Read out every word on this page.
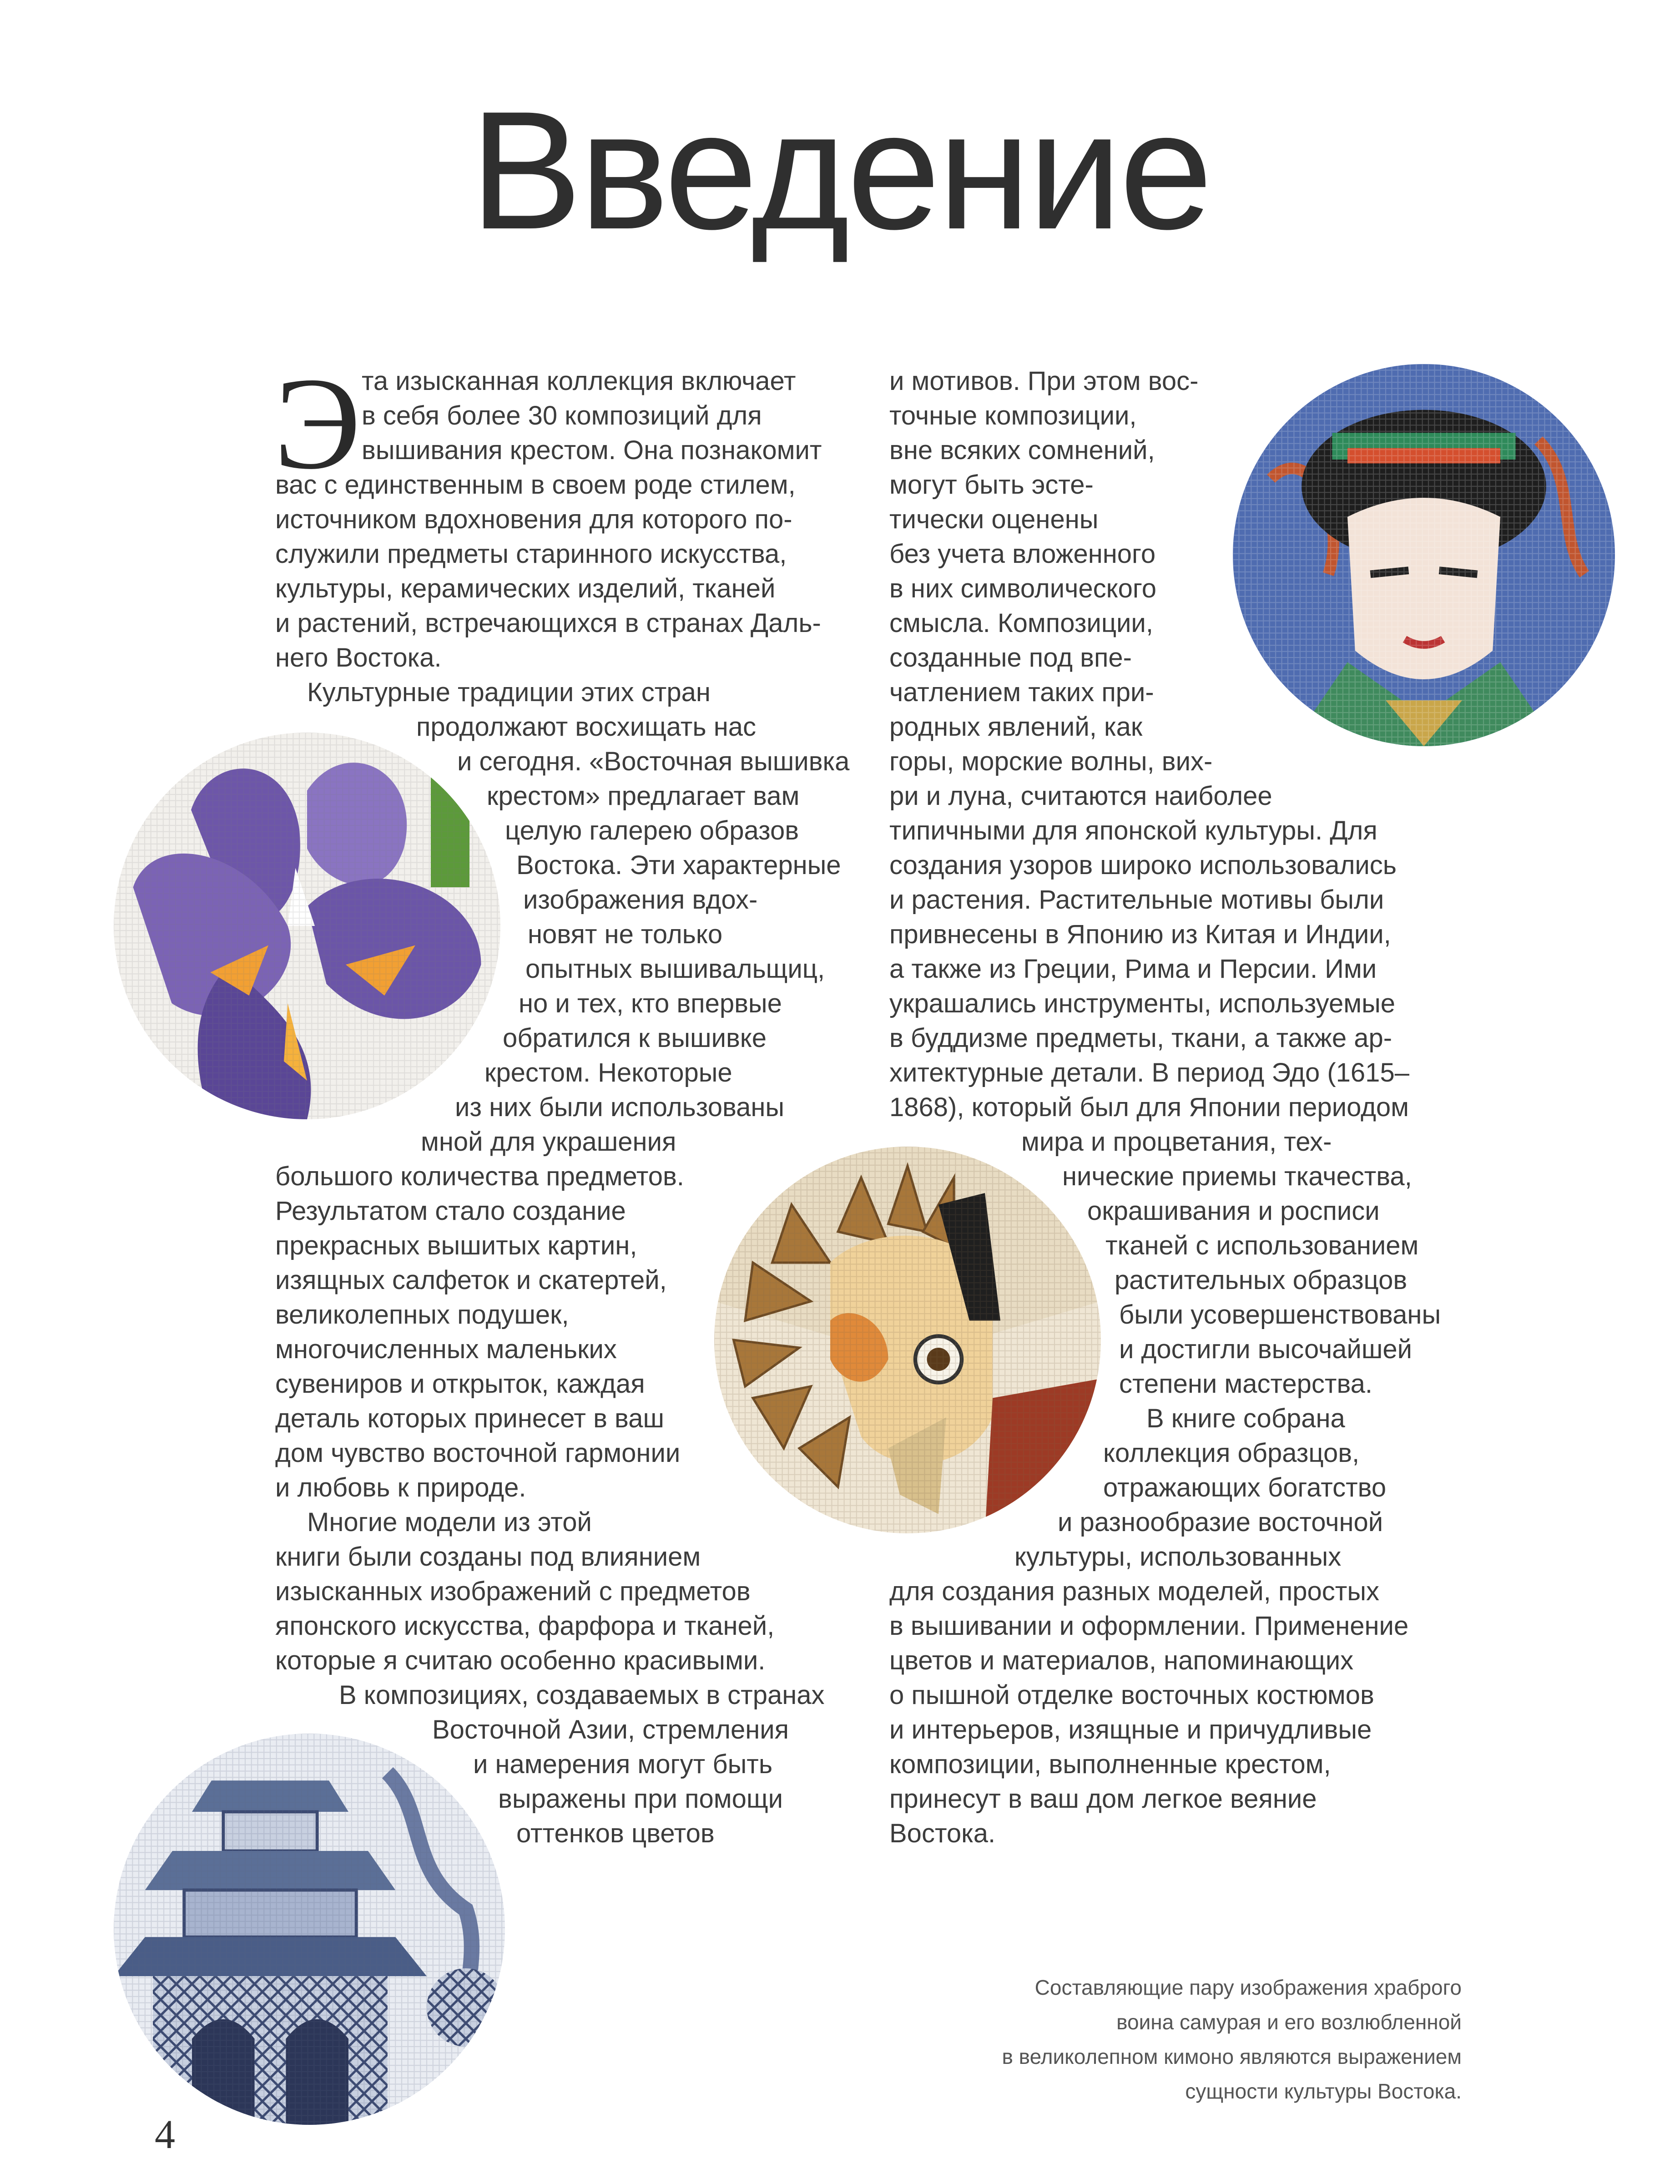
Введение
Э та изысканная коллекция включает
в себя более 30 композиций для
вышивания крестом. Она познакомит
вас с единственным в своем роде стилем,
источником вдохновения для которого по-
служили предметы старинного искусства,
культуры, керамических изделий, тканей
и растений, встречающихся в странах Даль-
него Востока.
Культурные традиции этих стран
продолжают восхищать нас
и сегодня. «Восточная вышивка
крестом» предлагает вам
целую галерею образов
Востока. Эти характерные
изображения вдох-
новят не только
опытных вышивальщиц,
но и тех, кто впервые
обратился к вышивке
крестом. Некоторые
из них были использованы
мной для украшения
большого количества предметов.
Результатом стало создание
прекрасных вышитых картин,
изящных салфеток и скатертей,
великолепных подушек,
многочисленных маленьких
сувениров и открыток, каждая
деталь которых принесет в ваш
дом чувство восточной гармонии
и любовь к природе.
Многие модели из этой
книги были созданы под влиянием
изысканных изображений с предметов
японского искусства, фарфора и тканей,
которые я считаю особенно красивыми.
В композициях, создаваемых в странах
Восточной Азии, стремления
и намерения могут быть
выражены при помощи
оттенков цветов
и мотивов. При этом вос-
точные композиции,
вне всяких сомнений,
могут быть эсте-
тически оценены
без учета вложенного
в них символического
смысла. Композиции,
созданные под впе-
чатлением таких при-
родных явлений, как
горы, морские волны, вих-
ри и луна, считаются наиболее
типичными для японской культуры. Для
создания узоров широко использовались
и растения. Растительные мотивы были
привнесены в Японию из Китая и Индии,
а также из Греции, Рима и Персии. Ими
украшались инструменты, используемые
в буддизме предметы, ткани, а также ар-
хитектурные детали. В период Эдо (1615–
1868), который был для Японии периодом
мира и процветания, тех-
нические приемы ткачества,
окрашивания и росписи
тканей с использованием
растительных образцов
были усовершенствованы
и достигли высочайшей
степени мастерства.
В книге собрана
коллекция образцов,
отражающих богатство
и разнообразие восточной
культуры, использованных
для создания разных моделей, простых
в вышивании и оформлении. Применение
цветов и материалов, напоминающих
о пышной отделке восточных костюмов
и интерьеров, изящные и причудливые
композиции, выполненные крестом,
принесут в ваш дом легкое веяние
Востока.
Составляющие пару изображения храброго
воина самурая и его возлюбленной
в великолепном кимоно являются выражением
сущности культуры Востока.
4
